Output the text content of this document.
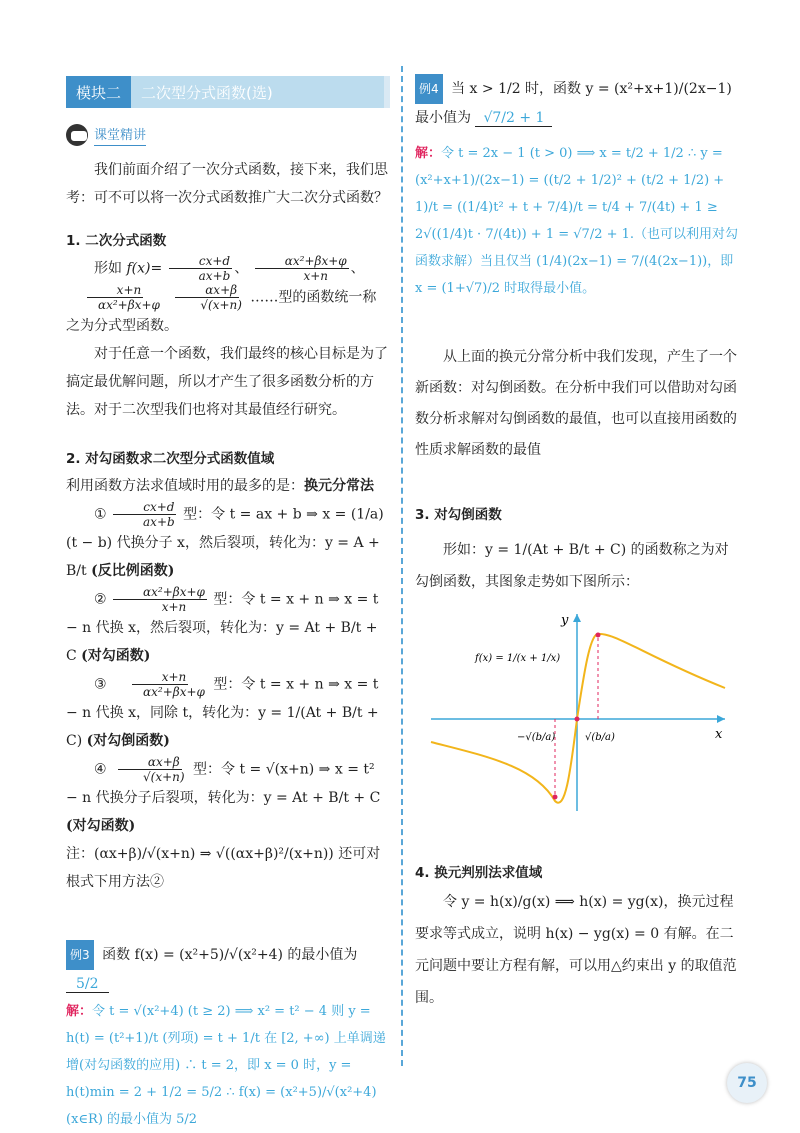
模块二	二次型分式函数(选)
课堂精讲

我们前面介绍了一次分式函数，接下来，我们思考：可不可以将一次分式函数推广大二次分式函数？

1. 二次分式函数

形如 $f(x)= \frac{cx+d}{ax+b}$ 、 $\frac{\text{αx²+βx+φ}}{x+n}$ 、
$\frac{x+n}{\text{αx²+βx+φ}}$
$\frac{\alpha x+\beta}{√(x+n)}$ ……型的函数统一称之为分式型函数。

对于任意一个函数，我们最终的核心目标是为了搞定最优解问题，所以才产生了很多函数分析的方法。对于二次型我们也将对其最值经行研究。

2. 对勾函数求二次型分式函数值域

利用函数方法求值域时用的最多的是：换元分常法

① $\frac{cx+d}{ax+b}$ 型：令 t = ax + b ⇒ x = (1/a)(t − b) 代换分子 x，然后裂项，转化为：y = A + B/t (反比例函数)

② $\frac{\text{αx²+βx+φ}}{x+n}$ 型：令 t = x + n ⇒ x = t − n 代换 x，然后裂项，转化为：y = At + B/t + C (对勾函数)

③ $\frac{x+n}{\text{αx²+βx+φ}}$ 型：令 t = x + n ⇒ x = t − n 代换 x，同除 t，转化为：y = 1/(At + B/t + C) (对勾倒函数)

④ $\frac{\alpha x+\beta}{√(x+n)}$ 型：令 t = √(x+n) ⇒ x = t² − n 代换分子后裂项，转化为：y = At + B/t + C (对勾函数)

注：(αx+β)/√(x+n) ⇒ √((αx+β)²/(x+n)) 还可对根式下用方法②

例3 函数 f(x) = (x²+5)/√(x²+4) 的最小值为 5/2

解：令 t = √(x²+4) (t ≥ 2) ⟹ x² = t² − 4 则 y = h(t) = (t²+1)/t (列项) = t + 1/t 在 [2, +∞) 上单调递增(对勾函数的应用) ∴ t = 2，即 x = 0 时，y = h(t)min = 2 + 1/2 = 5/2 ∴ f(x) = (x²+5)/√(x²+4) (x∈R) 的最小值为 5/2

例4 当 x > 1/2 时，函数 y = (x²+x+1)/(2x−1) 最小值为 √7/2 + 1

解：令 t = 2x − 1 (t > 0) ⟹ x = t/2 + 1/2 ∴ y = (x²+x+1)/(2x−1) = ((t/2 + 1/2)² + (t/2 + 1/2) + 1)/t = ((1/4)t² + t + 7/4)/t = t/4 + 7/(4t) + 1 ≥ 2√((1/4)t · 7/(4t)) + 1 = √7/2 + 1.（也可以利用对勾函数求解）当且仅当 (1/4)(2x−1) = 7/(4(2x−1))，即 x = (1+√7)/2 时取得最小值。

从上面的换元分常分析中我们发现，产生了一个新函数：对勾倒函数。在分析中我们可以借助对勾函数分析求解对勾倒函数的最值，也可以直接用函数的性质求解函数的最值

3. 对勾倒函数

形如：y = 1/(At + B/t + C) 的函数称之为对勾倒函数，其图象走势如下图所示：

y
x
f(x) = 1/(x + 1/x)
−√(b/a)	√(b/a)

4. 换元判别法求值域

令 y = h(x)/g(x) ⟹ h(x) = yg(x)，换元过程要求等式成立，说明 h(x) − yg(x) = 0 有解。在二元问题中要让方程有解，可以用△约束出 y 的取值范围。

75
